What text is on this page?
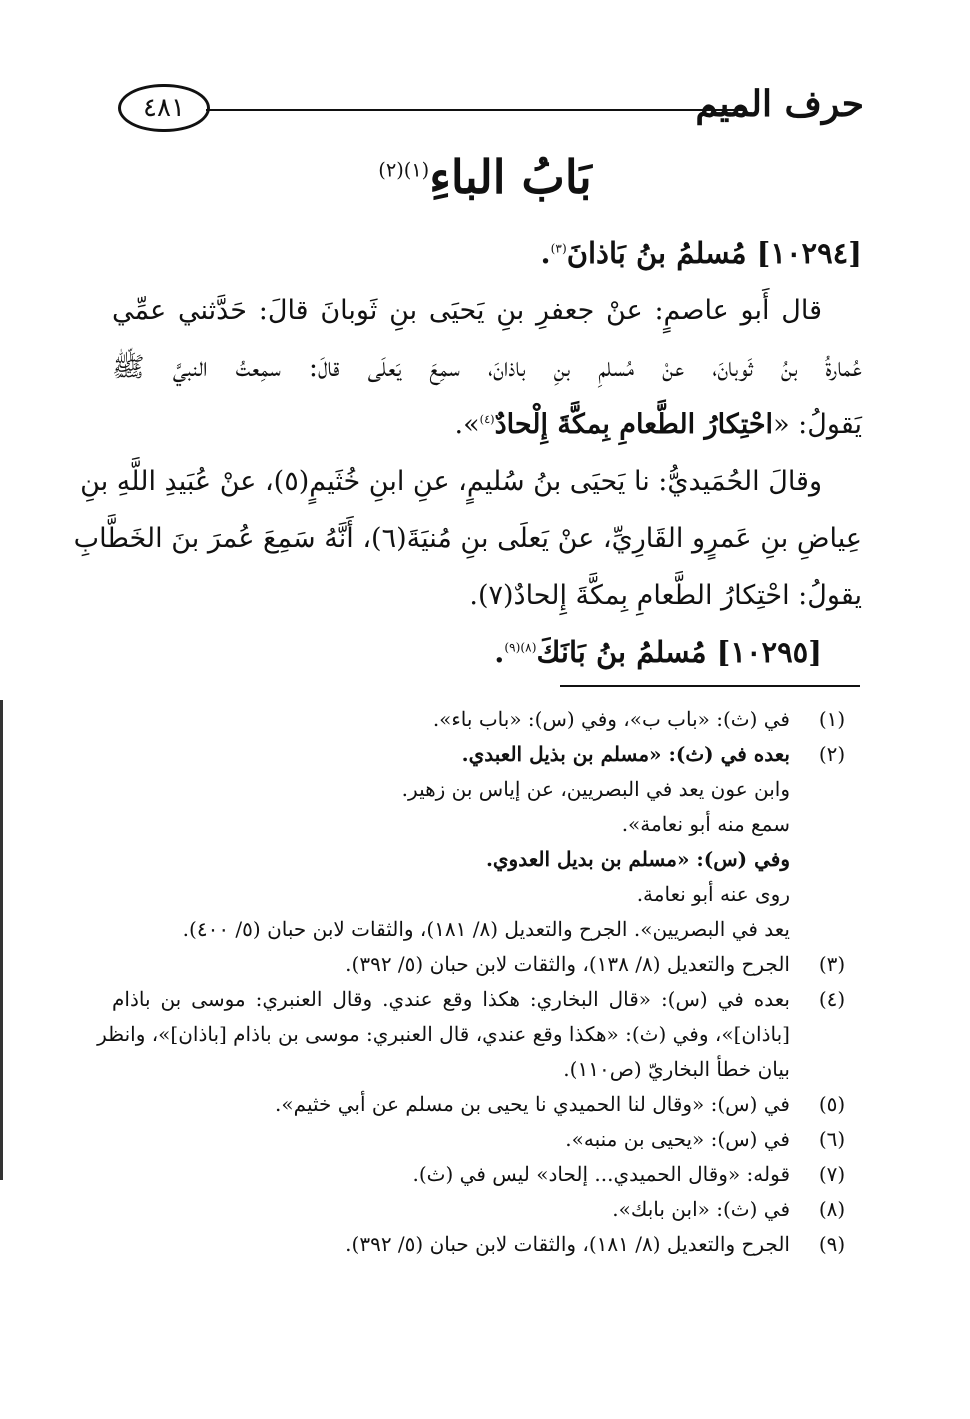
حرف الميم
٤٨١
بَابُ الباءِ$^{(١)(٢)}$
[١٠٢٩٤] مُسلمُ بنُ بَاذانَ$^{(٣)}$.
قال أَبو عاصمٍ: عنْ جعفرِ بنِ يَحيَى بنِ ثَوبانَ قالَ: حَدَّثني عمِّي
عُمارةُ بنُ ثَوبانَ، عنْ مُسلمِ بنِ باذانَ، سمِعَ يَعلَى قالَ: سمِعتُ النبيَّ ﷺ
يَقولُ: «احْتِكارُ الطَّعامِ بِمكَّةَ إِلْحادٌ$^{(٤)}$».
وقالَ الحُمَيديُّ: نا يَحيَى بنُ سُليمٍ، عنِ ابنِ خُثَيمٍ(٥)، عنْ عُبَيدِ اللَّهِ بنِ
عِياضِ بنِ عَمرٍو القَارِيِّ، عنْ يَعلَى بنِ مُنيَةَ(٦)، أَنَّهُ سَمِعَ عُمرَ بنَ الخَطَّابِ
يقولُ: احْتِكارُ الطَّعامِ بِمكَّةَ إِلحادٌ(٧).
[١٠٢٩٥] مُسلمُ بنُ بَانَكَ$^{(٨)(٩)}$.
(١)
في (ث): «باب ب»، وفي (س): «باب باء».
(٢)
بعده في (ث): «مسلم بن بذيل العبدي.
وابن عون يعد في البصريين، عن إياس بن زهير.
سمع منه أبو نعامة».
وفي (س): «مسلم بن بديل العدوي.
روى عنه أبو نعامة.
يعد في البصريين». الجرح والتعديل (٨/ ١٨١)، والثقات لابن حبان (٥/ ٤٠٠).
(٣)
الجرح والتعديل (٨/ ١٣٨)، والثقات لابن حبان (٥/ ٣٩٢).
(٤)
بعده في (س): «قال البخاري: هكذا وقع عندي. وقال العنبري: موسى بن باذام
[باذان]»، وفي (ث): «هكذا وقع عندي، قال العنبري: موسى بن باذام [باذان]»، وانظر
بيان خطأ البخاريّ (ص١١٠).
(٥)
في (س): «وقال لنا الحميدي نا يحيى بن مسلم عن أبي خثيم».
(٦)
في (س): «يحيى بن منبه».
(٧)
قوله: «وقال الحميدي... إلحاد» ليس في (ث).
(٨)
في (ث): «ابن بابك».
(٩)
الجرح والتعديل (٨/ ١٨١)، والثقات لابن حبان (٥/ ٣٩٢).
